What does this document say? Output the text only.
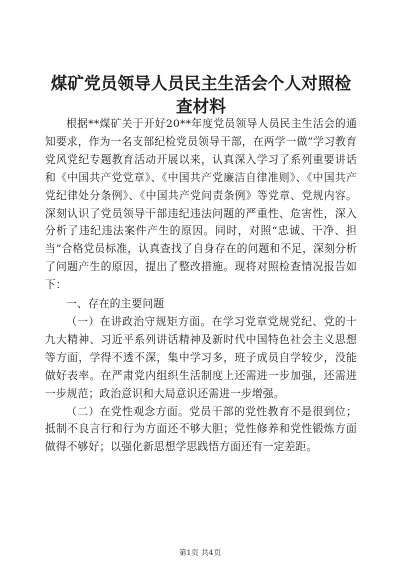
煤矿党员领导人员民主生活会个人对照检查材料

根据**煤矿关于开好20**年度党员领导人员民主生活会的通知要求，作为一名支部纪检党员领导干部，在两学一做”学习教育党风党纪专题教育活动开展以来，认真深入学习了系列重要讲话和《中国共产党党章》、《中国共产党廉洁自律准则》、《中国共产党纪律处分条例》、《中国共产党问责条例》等党章、党规内容。深刻认识了党员领导干部违纪违法问题的严重性、危害性，深入分析了违纪违法案件产生的原因。同时，对照“忠诚、干净、担当”合格党员标准，认真查找了自身存在的问题和不足，深刻分析了问题产生的原因，提出了整改措施。现将对照检查情况报告如下：

一、存在的主要问题

（一）在讲政治守规矩方面。在学习党章党规党纪、党的十九大精神、习近平系列讲话精神及新时代中国特色社会主义思想等方面，学得不透不深，集中学习多，班子成员自学较少，没能做好表率。在严肃党内组织生活制度上还需进一步加强，还需进一步规范；政治意识和大局意识还需进一步增强。

（二）在党性观念方面。党员干部的党性教育不是很到位；抵制不良言行和行为方面还不够大胆；党性修养和党性锻炼方面做得不够好；以强化新思想学思践悟方面还有一定差距。

第1页 共4页
